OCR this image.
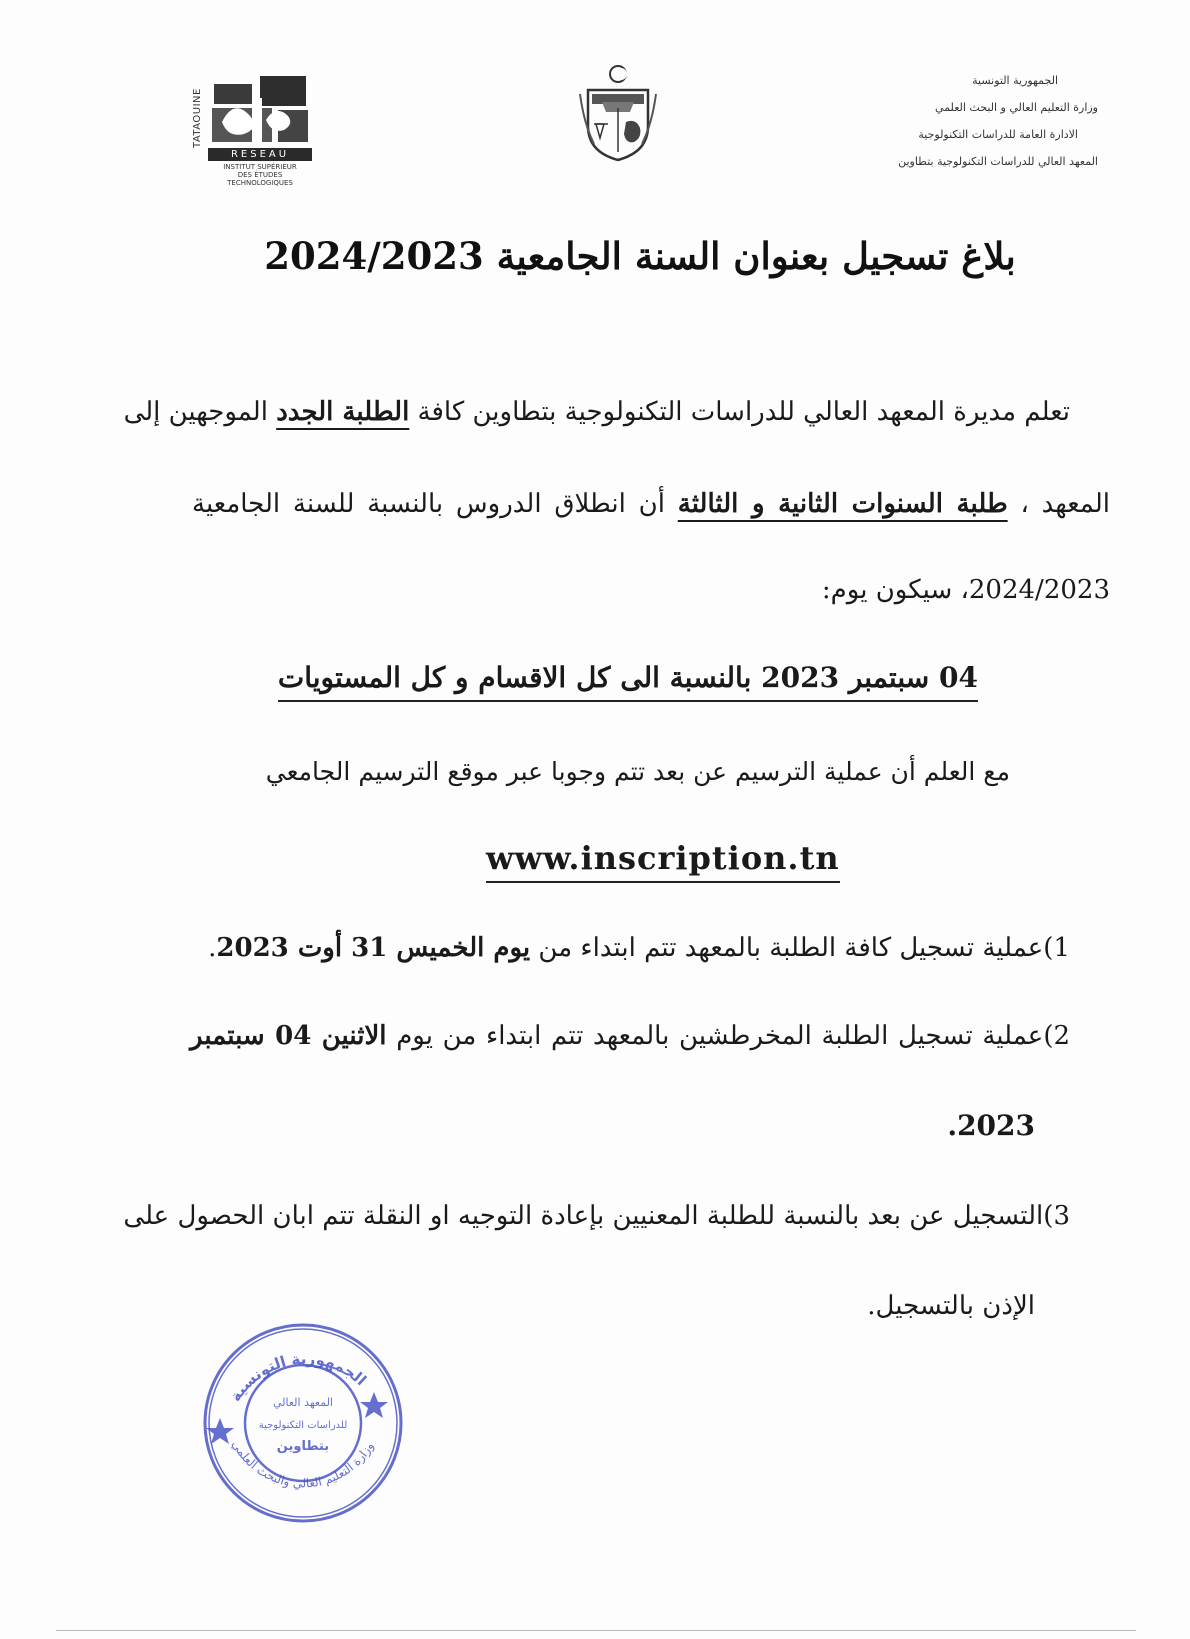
TATAOUINE
RESEAU
INSTITUT SUPÉRIEUR
DES ÉTUDES
TECHNOLOGIQUES
الجمهورية التونسية
وزارة التعليم العالي و البحث العلمي
الادارة العامة للدراسات التكنولوجية
المعهد العالي للدراسات التكنولوجية بتطاوين
بلاغ تسجيل بعنوان السنة الجامعية 2024/2023
تعلم مديرة المعهد العالي للدراسات التكنولوجية بتطاوين كافة الطلبة الجدد الموجهين إلى
المعهد ، طلبة السنوات الثانية و الثالثة أن انطلاق الدروس بالنسبة للسنة الجامعية
2024/2023، سيكون يوم:
04 سبتمبر 2023 بالنسبة الى كل الاقسام و كل المستويات
مع العلم أن عملية الترسيم عن بعد تتم وجوبا عبر موقع الترسيم الجامعي
www.inscription.tn
1)عملية تسجيل كافة الطلبة بالمعهد تتم ابتداء من يوم الخميس 31 أوت 2023.
2)عملية تسجيل الطلبة المخرطشين بالمعهد تتم ابتداء من يوم الاثنين 04 سبتمبر
2023.
3)التسجيل عن بعد بالنسبة للطلبة المعنيين بإعادة التوجيه او النقلة تتم ابان الحصول على
الإذن بالتسجيل.
الجمهورية التونسية
وزارة التعليم العالي والبحث العلمي
المعهد العالي
للدراسات التكنولوجية
بتطاوين
